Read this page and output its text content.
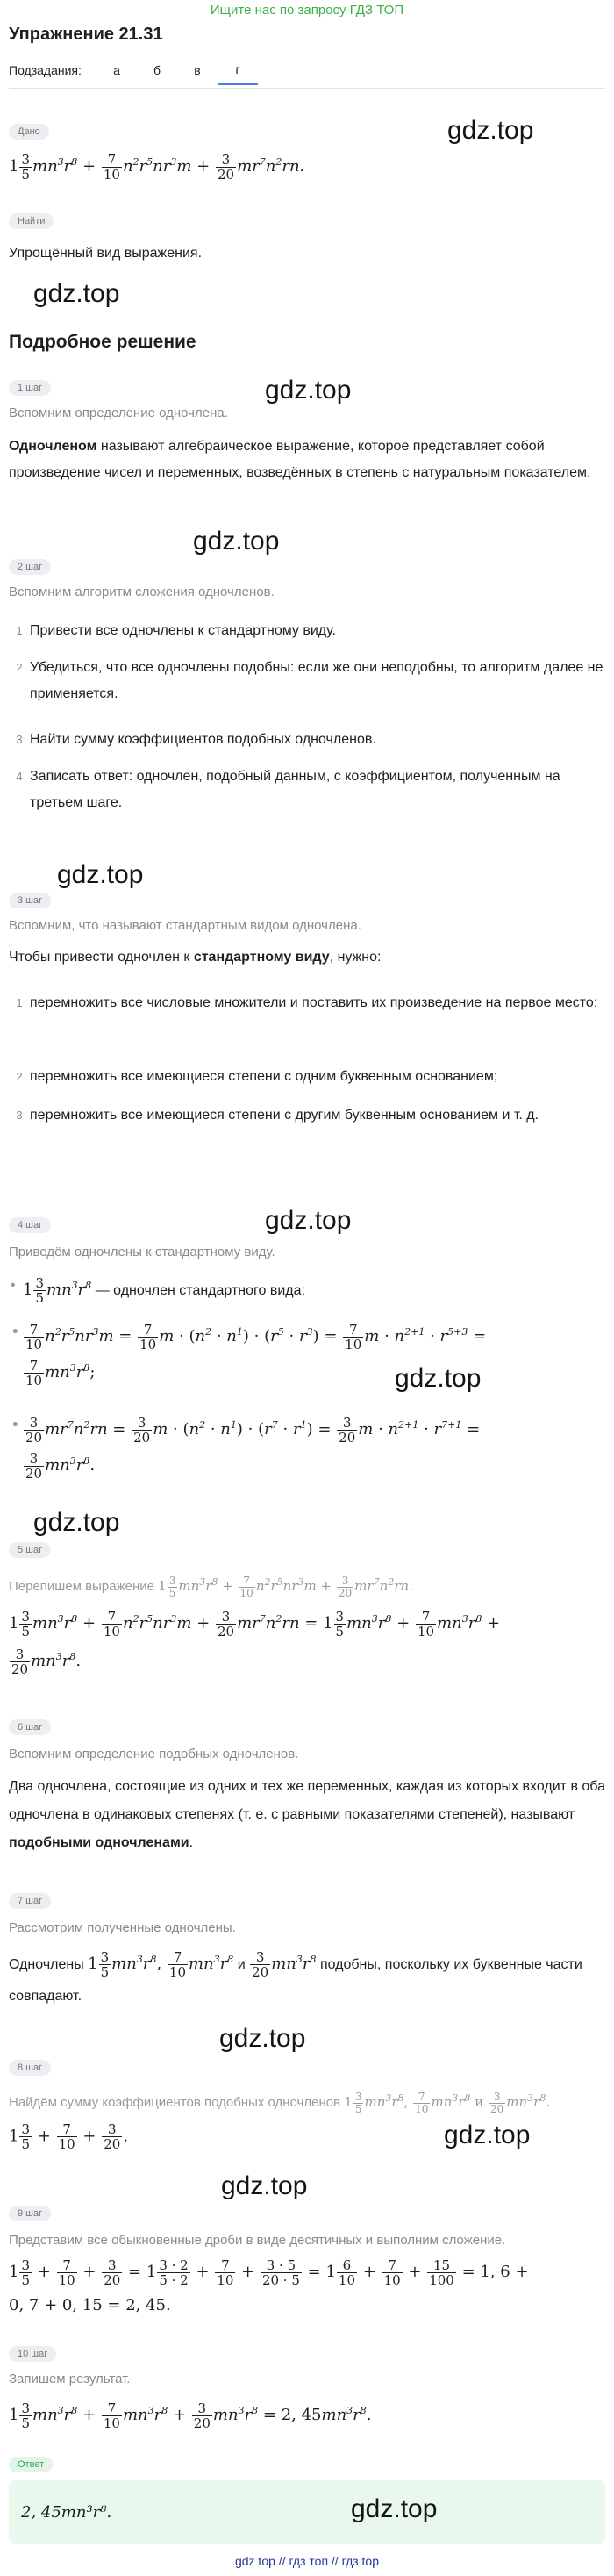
Ищите нас по запросу ГДЗ ТОП
Упражнение 21.31
Подзадания:	а	б	в	г
Дано
$1 \frac{3}{5} mn^3r^8 + \frac{7}{10} n^2r^5nr^3m + \frac{3}{20} mr^7n^2rn$.
gdz.top
Найти
Упрощённый вид выражения.
gdz.top
Подробное решение
1 шаг	gdz.top
Вспомним определение одночлена.
Одночленом называют алгебраическое выражение, которое представляет собой произведение чисел и переменных, возведённых в степень с натуральным показателем.
gdz.top
2 шаг
Вспомним алгоритм сложения одночленов.
1 Привести все одночлены к стандартному виду.
2 Убедиться, что все одночлены подобны: если же они неподобны, то алгоритм далее не применяется.
3 Найти сумму коэффициентов подобных одночленов.
4 Записать ответ: одночлен, подобный данным, с коэффициентом, полученным на третьем шаге.
gdz.top
3 шаг
Вспомним, что называют стандартным видом одночлена.
Чтобы привести одночлен к стандартному виду, нужно:
1 перемножить все числовые множители и поставить их произведение на первое место;
2 перемножить все имеющиеся степени с одним буквенным основанием;
3 перемножить все имеющиеся степени с другим буквенным основанием и т. д.
4 шаг	gdz.top
Приведём одночлены к стандартному виду.
• $1 \frac{3}{5} mn^3r^8$ — одночлен стандартного вида;
• $\frac{7}{10} n^2r^5nr^3m = \frac{7}{10}$ $m \cdot (n^2 \cdot n^1) \cdot (r^5 \cdot r^3) = \frac{7}{10}$ $m \cdot n^{2+1} \cdot r^{5+3}$ =

$\frac{7}{10} mn^3r^8$;	gdz.top
• $\frac{3}{20} mr^7n^2rn = \frac{3}{20}$ $m \cdot (n^2 \cdot n^1) \cdot (r^7 \cdot r^1) = \frac{3}{20}$ $m \cdot n^{2+1} \cdot r^{7+1}$ =

$\frac{3}{20} mn^3r^8$.
gdz.top
5 шаг
Перепишем выражение $1 \frac{3}{5} mn^3r^8 + \frac{7}{10} n^2r^5nr^3m + \frac{3}{20} mr^7n^2rn$.
$1 \frac{3}{5} mn^3r^8 + \frac{7}{10} n^2r^5nr^3m + \frac{3}{20} mr^7n^2rn = 1 \frac{3}{5} mn^3r^8 + \frac{7}{10} mn^3r^8$ +

$\frac{3}{20} mn^3r^8$.
6 шаг
Вспомним определение подобных одночленов.
Два одночлена, состоящие из одних и тех же переменных, каждая из которых входит в оба одночлена в одинаковых степенях (т. е. с равными показателями степеней), называют подобными одночленами.
7 шаг
Рассмотрим полученные одночлены.
Одночлены $1 \frac{3}{5} mn^3r^8$, $\frac{7}{10} mn^3r^8$ и $\frac{3}{20} mn^3r^8$ подобны, поскольку их буквенные части совпадают.
gdz.top
8 шаг
Найдём сумму коэффициентов подобных одночленов $1 \frac{3}{5} mn^3r^8$, $\frac{7}{10} mn^3r^8$ и $\frac{3}{20} mn^3r^8$.
$1 \frac{3}{5} + \frac{7}{10} + \frac{3}{20}$ .	gdz.top
gdz.top
9 шаг
Представим все обыкновенные дроби в виде десятичных и выполним сложение.
$1 \frac{3}{5} + \frac{7}{10} + \frac{3}{20} = 1 \frac{3 \cdot 2}{5 \cdot 2} + \frac{7}{10} + \frac{3 \cdot 5}{20 \cdot 5} = 1 \frac{6}{10} + \frac{7}{10} + \frac{15}{100} = 1$, 6 +
0, 7 + 0, 15 = 2, 45.
10 шаг
Запишем результат.
$1 \frac{3}{5} mn^3r^8 + \frac{7}{10} mn^3r^8 + \frac{3}{20} mn^3r^8 = 2$, $45mn^3r^8$.
Ответ
2, 45mn³r⁸.	gdz.top
gdz top // гдз топ // гдз top
